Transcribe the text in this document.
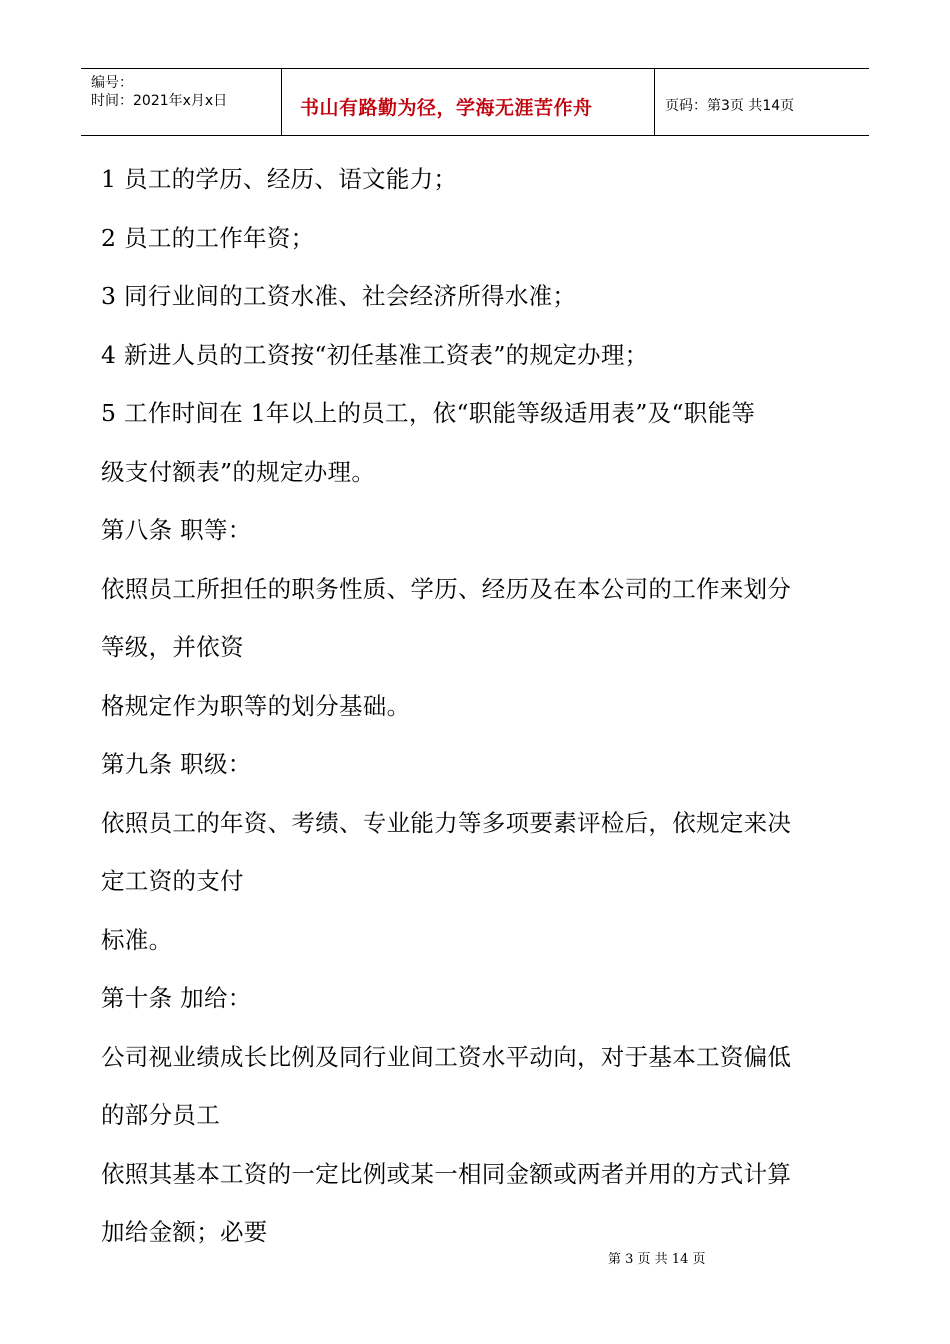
编号：
时间：2021年x月x日	书山有路勤为径，学海无涯苦作舟	页码：第3页 共14页
1 员工的学历、经历、语文能力；
2 员工的工作年资；
3 同行业间的工资水准、社会经济所得水准；
4 新进人员的工资按“初任基准工资表”的规定办理；
5 工作时间在 1年以上的员工，依“职能等级适用表”及“职能等
级支付额表”的规定办理。
第八条 职等：
依照员工所担任的职务性质、学历、经历及在本公司的工作来划分
等级，并依资
格规定作为职等的划分基础。
第九条 职级：
依照员工的年资、考绩、专业能力等多项要素评检后，依规定来决
定工资的支付
标准。
第十条 加给：
公司视业绩成长比例及同行业间工资水平动向，对于基本工资偏低
的部分员工
依照其基本工资的一定比例或某一相同金额或两者并用的方式计算
加给金额；必要
第 3 页 共 14 页
